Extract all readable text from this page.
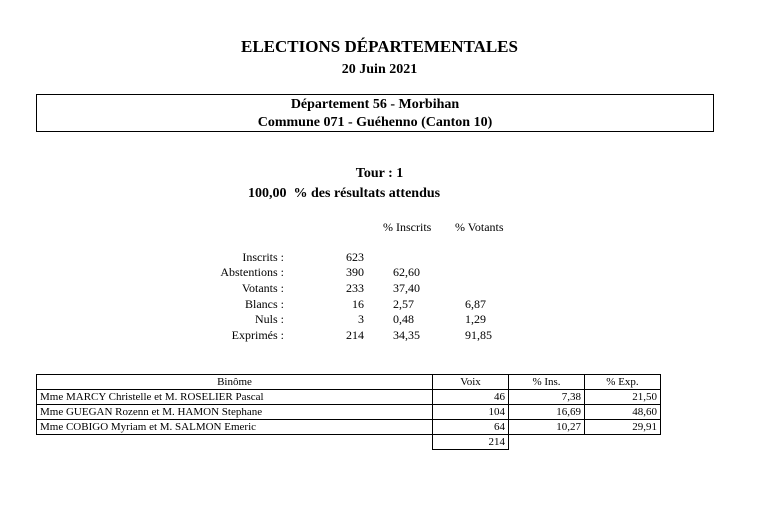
ELECTIONS DÉPARTEMENTALES
20 Juin 2021
Département 56 - Morbihan
Commune 071 - Guéhenno (Canton 10)
Tour : 1
100,00  % des résultats attendus
% Inscrits % Votants
Inscrits :	623
Abstentions :	390	62,60
Votants :	233	37,40
Blancs :	16	2,57	6,87
Nuls :	3	0,48	1,29
Exprimés :	214	34,35	91,85
Binôme	Voix	% Ins.	% Exp.
Mme MARCY Christelle et M. ROSELIER Pascal	46	7,38	21,50
Mme GUEGAN Rozenn et M. HAMON Stephane	104	16,69	48,60
Mme COBIGO Myriam et M. SALMON Emeric	64	10,27	29,91
	214		
